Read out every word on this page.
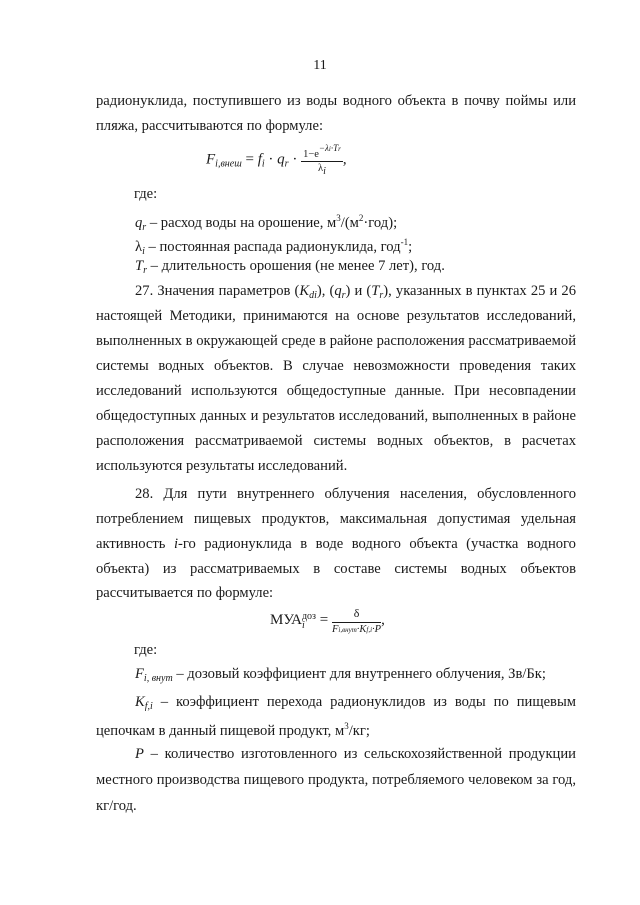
11
радионуклида, поступившего из воды водного объекта в почву поймы или
пляжа, рассчитываются по формуле:
$F_{i,внеш} = f_i \cdot q_r \cdot \frac{1-e-\lambda i\cdot Tr}{\lambda i}$ ,
где:
$q_r$ – расход воды на орошение, $м^3/(м^2\cdot год)$;
$\lambda_i$ – постоянная распада радионуклида, год$^{-1}$;
$T_r$ – длительность орошения (не менее 7 лет), год.
27. Значения параметров $(K_{di})$, $(q_r)$ и $(T_r)$, указанных в пунктах 25 и 26
настоящей Методики, принимаются на основе результатов исследований,
выполненных в окружающей среде в районе расположения рассматриваемой
системы водных объектов. В случае невозможности проведения таких
исследований используются общедоступные данные. При несовпадении
общедоступных данных и результатов исследований, выполненных в районе
расположения рассматриваемой системы водных объектов, в расчетах
используются результаты исследований.
28. Для пути внутреннего облучения населения, обусловленного
потреблением пищевых продуктов, максимальная допустимая удельная
активность i-го радионуклида в воде водного объекта (участка водного
объекта) из рассматриваемых в составе системы водных объектов
рассчитывается по формуле:
МУА доз
$i = \frac{\delta}{\text{Fi,внут·Kf,i·P}}$ ,
где:
$F_{i, внут}$ – дозовый коэффициент для внутреннего облучения, Зв/Бк;
$K_{f,i}$ – коэффициент перехода радионуклидов из воды по пищевым
цепочкам в данный пищевой продукт, $м^3/кг$;
P – количество изготовленного из сельскохозяйственной продукции
местного производства пищевого продукта, потребляемого человеком за год,
кг/год.
